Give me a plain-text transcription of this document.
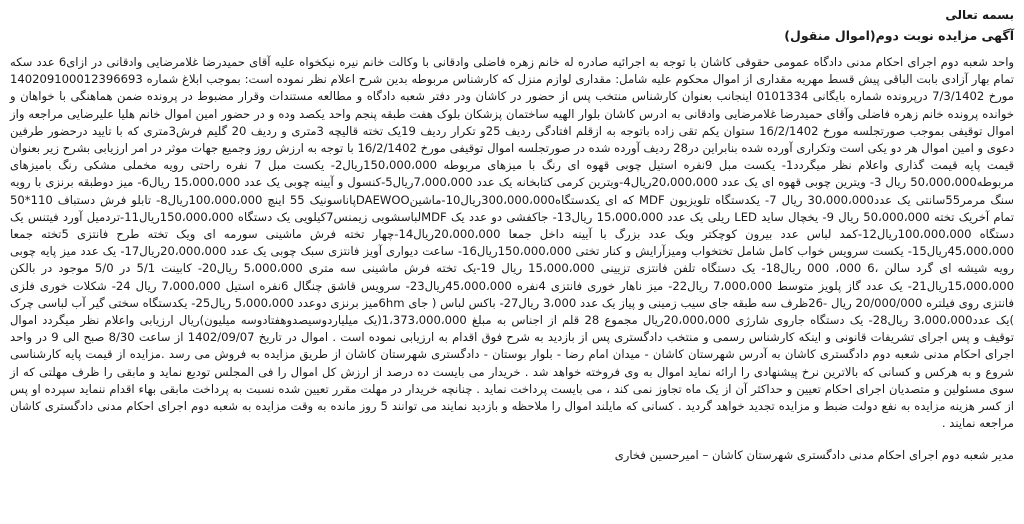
بسمه تعالی
آگهی مزایده نوبت دوم(اموال منقول)

واحد شعبه دوم اجرای احکام مدنی دادگاه عمومی حقوقی کاشان با توجه به اجرائیه صادره له خانم زهره فاضلی وادقانی با وکالت خانم نیره نیکخواه علیه آقای حمیدرضا غلامرضایی وادقانی در ازای6 عدد سکه تمام بهار آزادی بابت الباقی پیش قسط مهریه مقداری از اموال محکوم علیه شامل: مقداری لوازم منزل که کارشناس مربوطه بدین شرح اعلام نظر نموده است: بموجب ابلاغ شماره 140209100012396693 مورخ 7/3/1402 درپرونده شماره بایگانی 0101334 اینجانب بعنوان کارشناس منتخب پس از حضور در کاشان ودر دفتر شعبه دادگاه و مطالعه مستندات وقرار مضبوط در پرونده ضمن هماهنگی با خواهان و خوانده پرونده خانم زهره فاضلی وآقای حمیدرضا غلامرضایی وادقانی به ادرس کاشان بلوار الهیه ساختمان پزشکان بلوک هفت طبقه پنجم واحد یکصد وده و در حضور امین اموال خانم هلیا علیرضایی مراجعه واز اموال توقیفی بموجب صورتجلسه مورخ 16/2/1402 ستوان یکم تقی زاده باتوجه به ازقلم افتادگی ردیف 25و تکرار ردیف 19یک تخته قالیچه 3متری و ردیف 20 گلیم فرش3متری که با تایید درحضور طرفین دعوی و امین اموال هر دو یکی است وتکراری آورده شده بنابراین در28 ردیف آورده شده در صورتجلسه اموال توقیفی مورخ 16/2/1402 با توجه به ارزش روز وجمیع جهات موثر در امر ارزیابی بشرح زیر بعنوان قیمت پایه قیمت گذاری واعلام نظر میگردد1- یکست مبل 9نفره استیل چوبی قهوه ای رنگ با میزهای مربوطه 150،000،000ریال2- یکست مبل 7 نفره راحتی رویه مخملی مشکی رنگ بامیزهای مربوطه50،000،000 ریال 3- ویترین چوبی قهوه ای یک عدد 20،000،000ریال4-ویترین کرمی کتابخانه یک عدد 7،000،000ریال5-کنسول و آیینه چوبی یک عدد 15،000،000 ریال6- میز دوطبقه برنزی با رویه سنگ مرمر55سانتی یک عدد30،000،000 ریال 7- یکدستگاه تلویزیون MDF که ای یکدستگاه300،000،000ریال10-ماشینDAEWOOپاناسونیک 55 اینچ 100،000،000ریال8- تابلو فرش دستباف 110*50 تمام آخریک تخته 50،000،000 ریال 9- یخچال ساید LED ریلی یک عدد 15،000،000 ریال13- جاکفشی دو عدد یک MDFلباسشویی زیمنس7کیلویی یک دستگاه 150،000،000ریال11-تردمیل آورد فیتنس یک دستگاه 100،000،000ریال12-کمد لباس عدد بیرون کوچکتر ویک عدد بزرگ با آیینه داخل جمعا 20،000،000ریال14-چهار تخته فرش ماشینی سورمه ای ویک تخته طرح فانتزی 5تخته جمعا 45،000،000ریال15- یکست سرویس خواب کامل شامل تختخواب ومیزآرایش و کنار تختی 150،000،000ریال16- ساعت دیواری آویز فانتزی سبک چوبی یک عدد 20،000،000ریال17- یک عدد میز پایه چوبی رویه شیشه ای گرد سالن ،6 000، 000 ریال18- یک دستگاه تلفن فانتزی تزیینی 15،000،000 ریال 19-یک تخته فرش ماشینی سه متری 5،000،000 ریال20- کابینت 5/1 در 5/0 موجود در بالکن 15،000،000ریال21- یک عدد گاز پلویز متوسط 7،000،000 ریال22- میز ناهار خوری فانتزی 4نفره 45،000،000ریال23- سرویس قاشق چنگال 6نفره استیل 7،000،000 ریال 24- شکلات خوری فلزی فانتزی روی فیلتره 20/000/000 ریال -26ظرف سه طبقه جای سیب زمینی و پیاز یک عدد 3،000 ریال27- باکس لباس ( جای 6hmمیز برنزی دوعدد 5،000،000 ریال25- یکدستگاه سختی گیر آب لباسی چرک )یک عدد3،000،000 ریال28- یک دستگاه جاروی شارژی 20،000،000ریال مجموع 28 قلم از اجناس به مبلغ 1،373،000،000(یک میلیاردوسیصدوهفتادوسه میلیون)ریال ارزیابی واعلام نظر میگردد اموال توقیف و پس اجرای تشریفات قانونی و اینکه کارشناس رسمی و منتخب دادگستری پس از بازدید به شرح فوق اقدام به ارزیابی نموده است . اموال در تاریخ 1402/09/07 از ساعت 8/30 صبح الی 9 در واحد اجرای احکام مدنی شعبه دوم دادگستری کاشان به آدرس شهرستان کاشان - میدان امام رضا - بلوار بوستان - دادگستری شهرستان کاشان از طریق مزایده به فروش می رسد .مزایده از قیمت پایه کارشناسی شروع و به هرکس و کسانی که بالاترین نرخ پیشنهادی را ارائه نماید اموال به وی فروخته خواهد شد . خریدار می بایست ده درصد از ارزش کل اموال را فی المجلس تودیع نماید و مابقی را ظرف مهلتی که از سوی مسئولین و متصدیان اجرای احکام تعیین و حداکثر آن از یک ماه تجاوز نمی کند ، می بایست پرداخت نماید . چنانچه خریدار در مهلت مقرر تعیین شده نسبت به پرداخت مابقی بهاء اقدام ننماید سپرده او پس از کسر هزینه مزایده به نفع دولت ضبط و مزایده تجدید خواهد گردید . کسانی که مایلند اموال را ملاحظه و بازدید نمایند می توانند 5 روز مانده به وقت مزایده به شعبه دوم اجرای احکام مدنی دادگستری کاشان مراجعه نمایند .

مدیر شعبه دوم اجرای احکام مدنی دادگستری شهرستان کاشان – امیرحسین فخاری
